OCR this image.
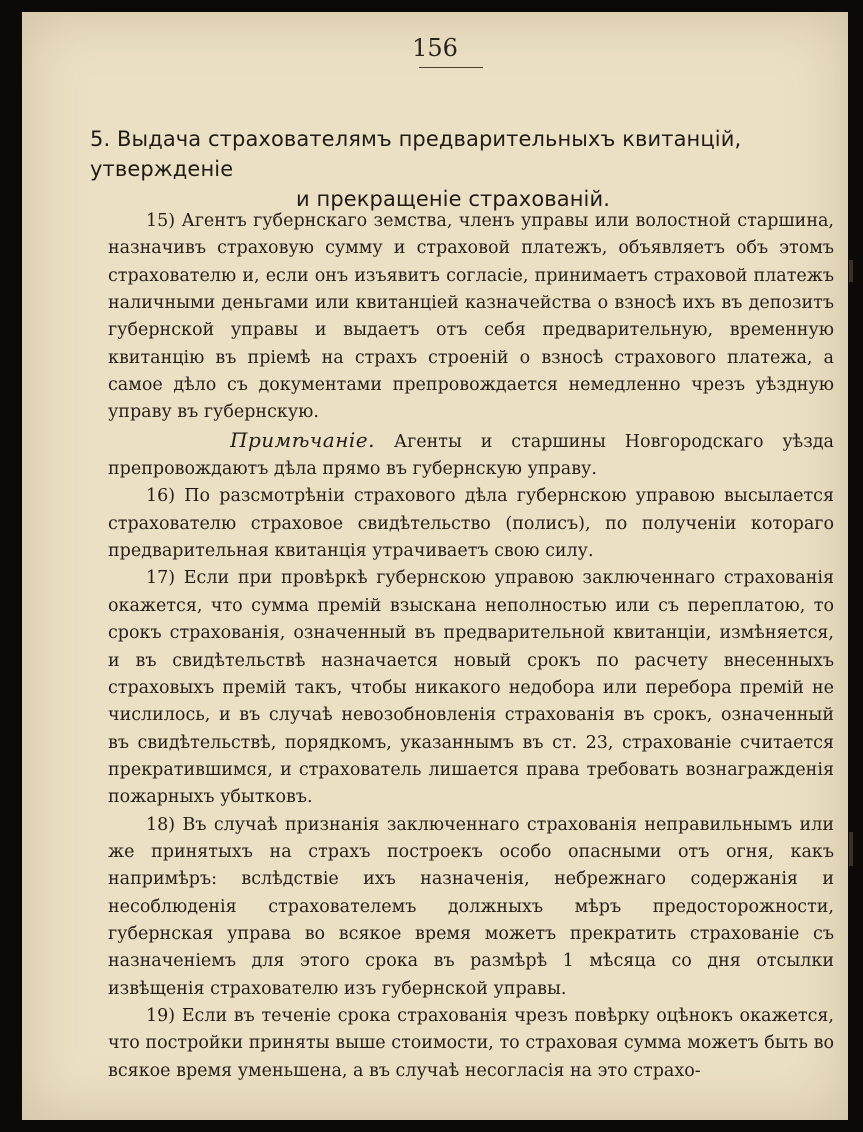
156
5. Выдача страхователямъ предварительныхъ квитанцій, утвержденіе
и прекращеніе страхованій.

15) Агентъ губернскаго земства, членъ управы или волостной старшина, назначивъ страховую сумму и страховой платежъ, объявляетъ объ этомъ страхователю и, если онъ изъявитъ согласіе, принимаетъ страховой платежъ наличными деньгами или квитанціей казначейства о взносѣ ихъ въ депозитъ губернской управы и выдаетъ отъ себя предварительную, временную квитанцію въ пріемѣ на страхъ строеній о взносѣ страхового платежа, а самое дѣло съ документами препровождается немедленно чрезъ уѣздную управу въ губернскую.

Примѣчаніе. Агенты и старшины Новгородскаго уѣзда препровождаютъ дѣла прямо въ губернскую управу.

16) По разсмотрѣніи страхового дѣла губернскою управою высылается страхователю страховое свидѣтельство (полисъ), по полученіи котораго предварительная квитанція утрачиваетъ свою силу.

17) Если при провѣркѣ губернскою управою заключеннаго страхованія окажется, что сумма премій взыскана неполностью или съ переплатою, то срокъ страхованія, означенный въ предварительной квитанціи, измѣняется, и въ свидѣтельствѣ назначается новый срокъ по расчету внесенныхъ страховыхъ премій такъ, чтобы никакого недобора или перебора премій не числилось, и въ случаѣ невозобновленія страхованія въ срокъ, означенный въ свидѣтельствѣ, порядкомъ, указаннымъ въ ст. 23, страхованіе считается прекратившимся, и страхователь лишается права требовать вознагражденія пожарныхъ убытковъ.

18) Въ случаѣ признанія заключеннаго страхованія неправильнымъ или же принятыхъ на страхъ построекъ особо опасными отъ огня, какъ напримѣръ: вслѣдствіе ихъ назначенія, небрежнаго содержанія и несоблюденія страхователемъ должныхъ мѣръ предосторожности, губернская управа во всякое время можетъ прекратить страхованіе съ назначеніемъ для этого срока въ размѣрѣ 1 мѣсяца со дня отсылки извѣщенія страхователю изъ губернской управы.

19) Если въ теченіе срока страхованія чрезъ повѣрку оцѣнокъ окажется, что постройки приняты выше стоимости, то страховая сумма можетъ быть во всякое время уменьшена, а въ случаѣ несогласія на это страхо-
